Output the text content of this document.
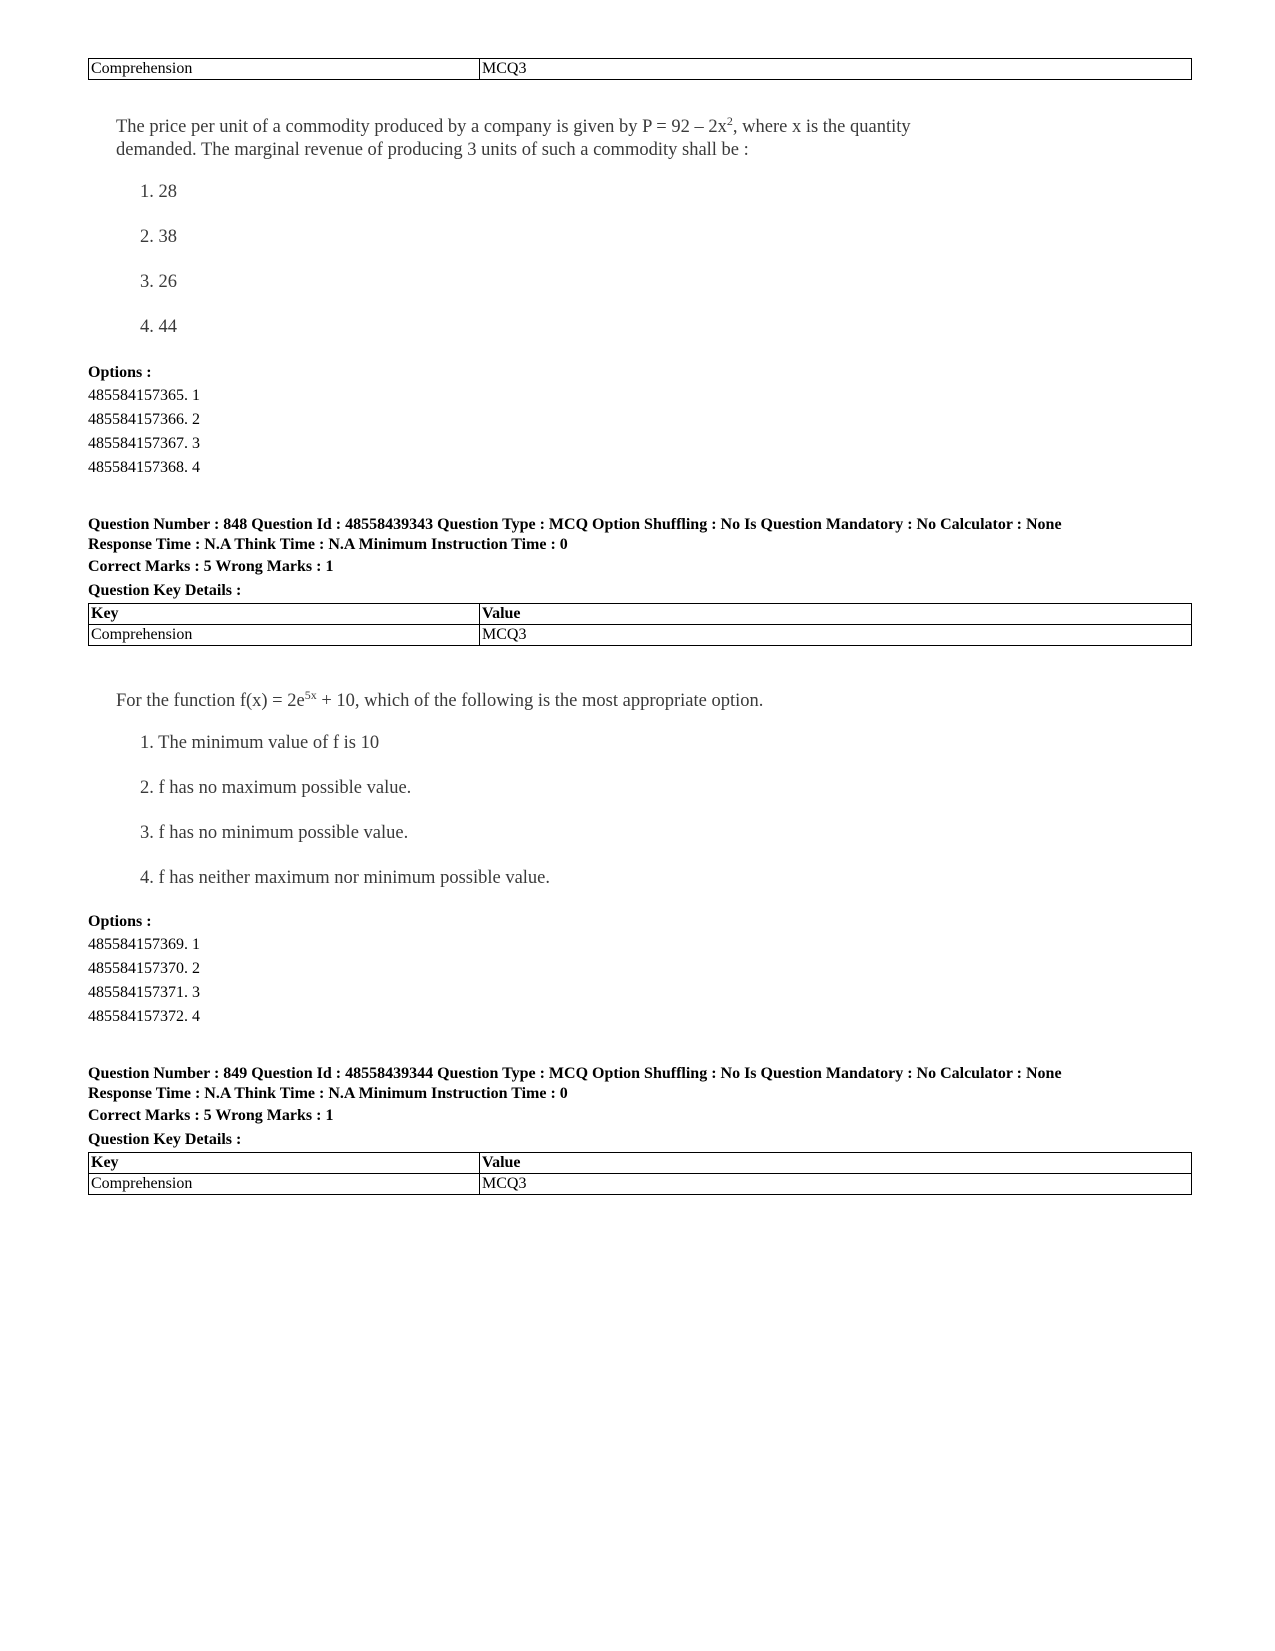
Comprehension	MCQ3
The price per unit of a commodity produced by a company is given by $P = 92 - 2x^2$, where x is the quantity demanded. The marginal revenue of producing 3 units of such a commodity shall be :
1. 28
2. 38
3. 26
4. 44
Options :
485584157365. 1
485584157366. 2
485584157367. 3
485584157368. 4
Question Number : 848 Question Id : 48558439343 Question Type : MCQ Option Shuffling : No Is Question Mandatory : No Calculator : None
Response Time : N.A Think Time : N.A Minimum Instruction Time : 0
Correct Marks : 5 Wrong Marks : 1
Question Key Details :
Key	Value
Comprehension	MCQ3
For the function $f(x) = 2e^{5x} + 10$, which of the following is the most appropriate option.
1. The minimum value of f is 10
2. f has no maximum possible value.
3. f has no minimum possible value.
4. f has neither maximum nor minimum possible value.
Options :
485584157369. 1
485584157370. 2
485584157371. 3
485584157372. 4
Question Number : 849 Question Id : 48558439344 Question Type : MCQ Option Shuffling : No Is Question Mandatory : No Calculator : None
Response Time : N.A Think Time : N.A Minimum Instruction Time : 0
Correct Marks : 5 Wrong Marks : 1
Question Key Details :
Key	Value
Comprehension	MCQ3
